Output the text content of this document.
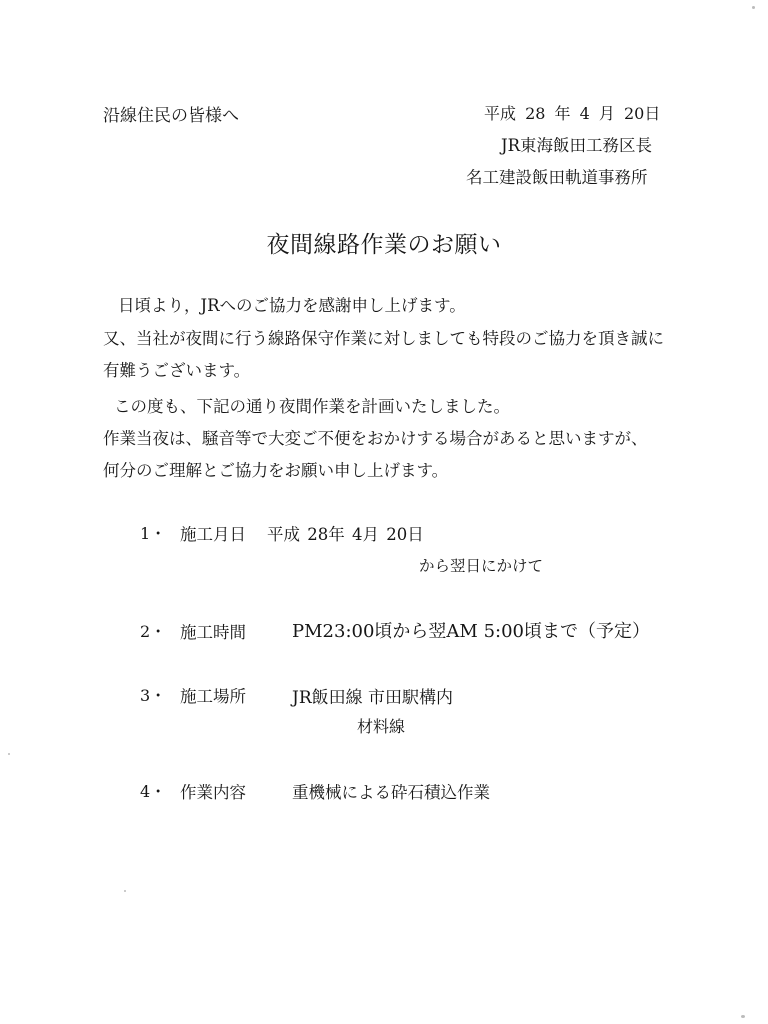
沿線住民の皆様へ	平成 28 年 4 月 20日
JR東海飯田工務区長
名工建設飯田軌道事務所
夜間線路作業のお願い
日頃より，JRへのご協力を感謝申し上げます。
又、当社が夜間に行う線路保守作業に対しましても特段のご協力を頂き誠に
有難うございます。
この度も、下記の通り夜間作業を計画いたしました。
作業当夜は、騒音等で大変ご不便をおかけする場合があると思いますが、
何分のご理解とご協力をお願い申し上げます。
1・ 施工月日 平成 28年 4月 20日
から翌日にかけて
2・ 施工時間	PM23:00頃から翌AM 5:00頃まで（予定）
3・ 施工場所	JR飯田線 市田駅構内
材料線
4・ 作業内容	重機械による砕石積込作業
